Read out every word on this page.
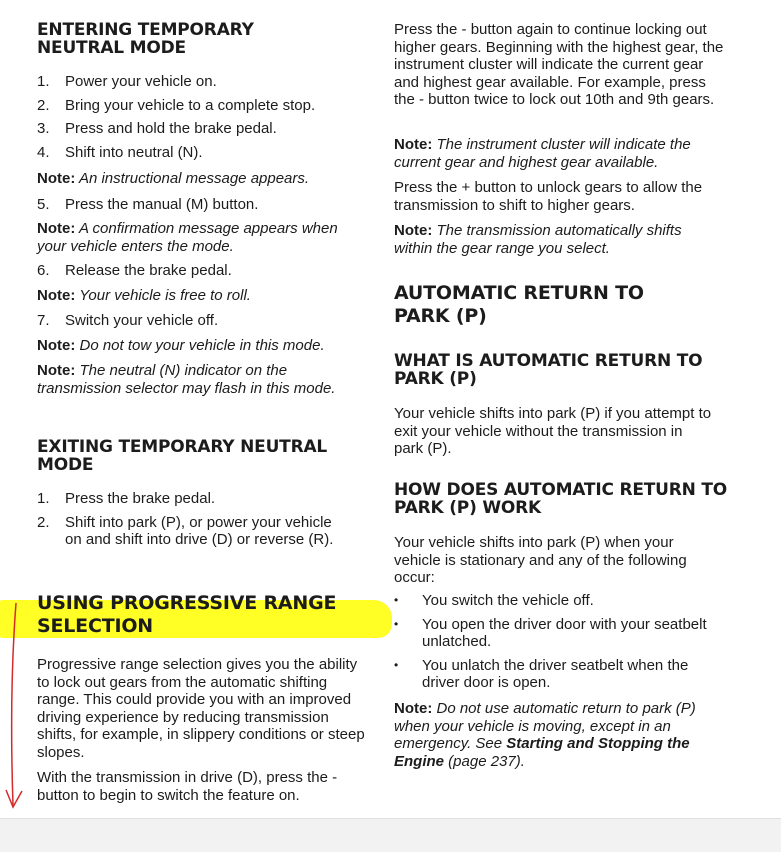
ENTERING TEMPORARY NEUTRAL MODE
1. Power your vehicle on.
2. Bring your vehicle to a complete stop.
3. Press and hold the brake pedal.
4. Shift into neutral (N).

Note: An instructional message appears.

5. Press the manual (M) button.

Note: A confirmation message appears when your vehicle enters the mode.

6. Release the brake pedal.

Note: Your vehicle is free to roll.

7. Switch your vehicle off.

Note: Do not tow your vehicle in this mode.

Note: The neutral (N) indicator on the transmission selector may flash in this mode.

EXITING TEMPORARY NEUTRAL MODE
1. Press the brake pedal.
2. Shift into park (P), or power your vehicle on and shift into drive (D) or reverse (R).
USING PROGRESSIVE RANGE SELECTION

Progressive range selection gives you the ability to lock out gears from the automatic shifting range. This could provide you with an improved driving experience by reducing transmission shifts, for example, in slippery conditions or steep slopes.

With the transmission in drive (D), press the - button to begin to switch the feature on.

Press the - button again to continue locking out higher gears. Beginning with the highest gear, the instrument cluster will indicate the current gear and highest gear available. For example, press the - button twice to lock out 10th and 9th gears.

Note: The instrument cluster will indicate the current gear and highest gear available.

Press the + button to unlock gears to allow the transmission to shift to higher gears.

Note: The transmission automatically shifts within the gear range you select.

AUTOMATIC RETURN TO PARK (P)
WHAT IS AUTOMATIC RETURN TO PARK (P)

Your vehicle shifts into park (P) if you attempt to exit your vehicle without the transmission in park (P).

HOW DOES AUTOMATIC RETURN TO PARK (P) WORK

Your vehicle shifts into park (P) when your vehicle is stationary and any of the following occur:

• You switch the vehicle off.
• You open the driver door with your seatbelt unlatched.
• You unlatch the driver seatbelt when the driver door is open.

Note: Do not use automatic return to park (P) when your vehicle is moving, except in an emergency. See Starting and Stopping the Engine (page 237).
